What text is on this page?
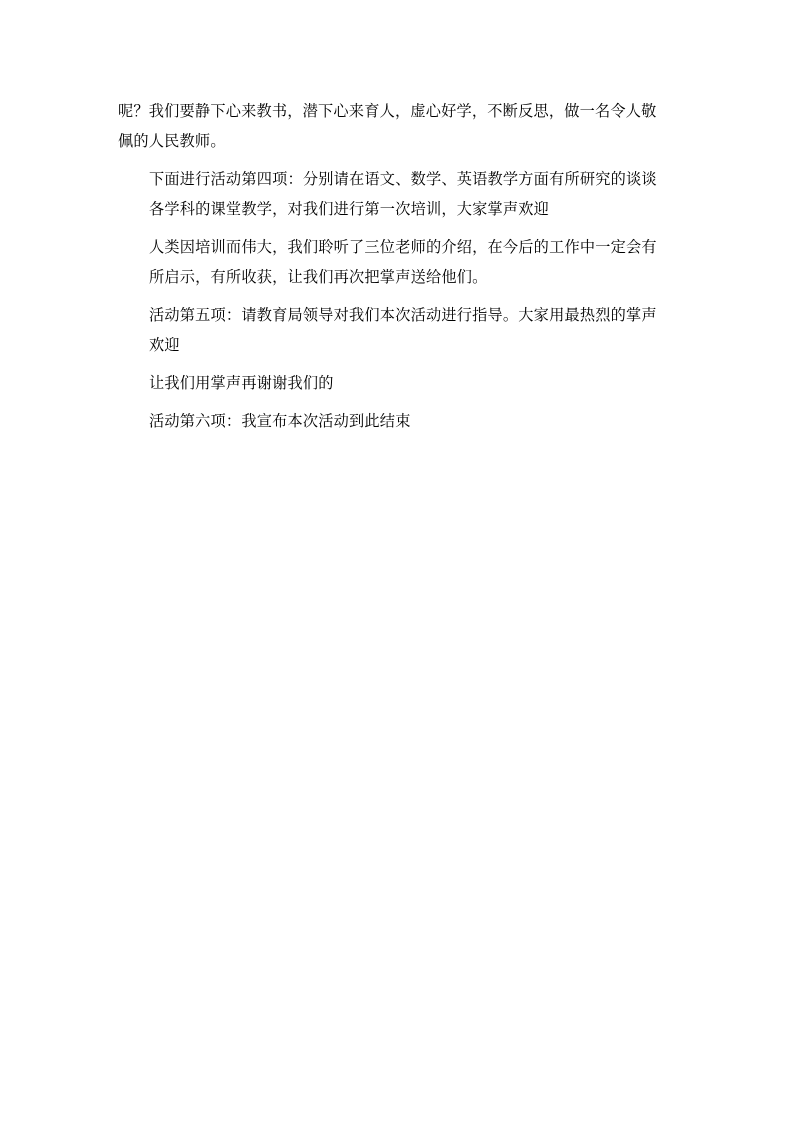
呢？我们要静下心来教书，潜下心来育人，虚心好学，不断反思，做一名令人敬
佩的人民教师。

下面进行活动第四项：分别请在语文、数学、英语教学方面有所研究的谈谈
各学科的课堂教学，对我们进行第一次培训，大家掌声欢迎

人类因培训而伟大，我们聆听了三位老师的介绍，在今后的工作中一定会有
所启示，有所收获，让我们再次把掌声送给他们。

活动第五项：请教育局领导对我们本次活动进行指导。大家用最热烈的掌声
欢迎

让我们用掌声再谢谢我们的

活动第六项：我宣布本次活动到此结束
